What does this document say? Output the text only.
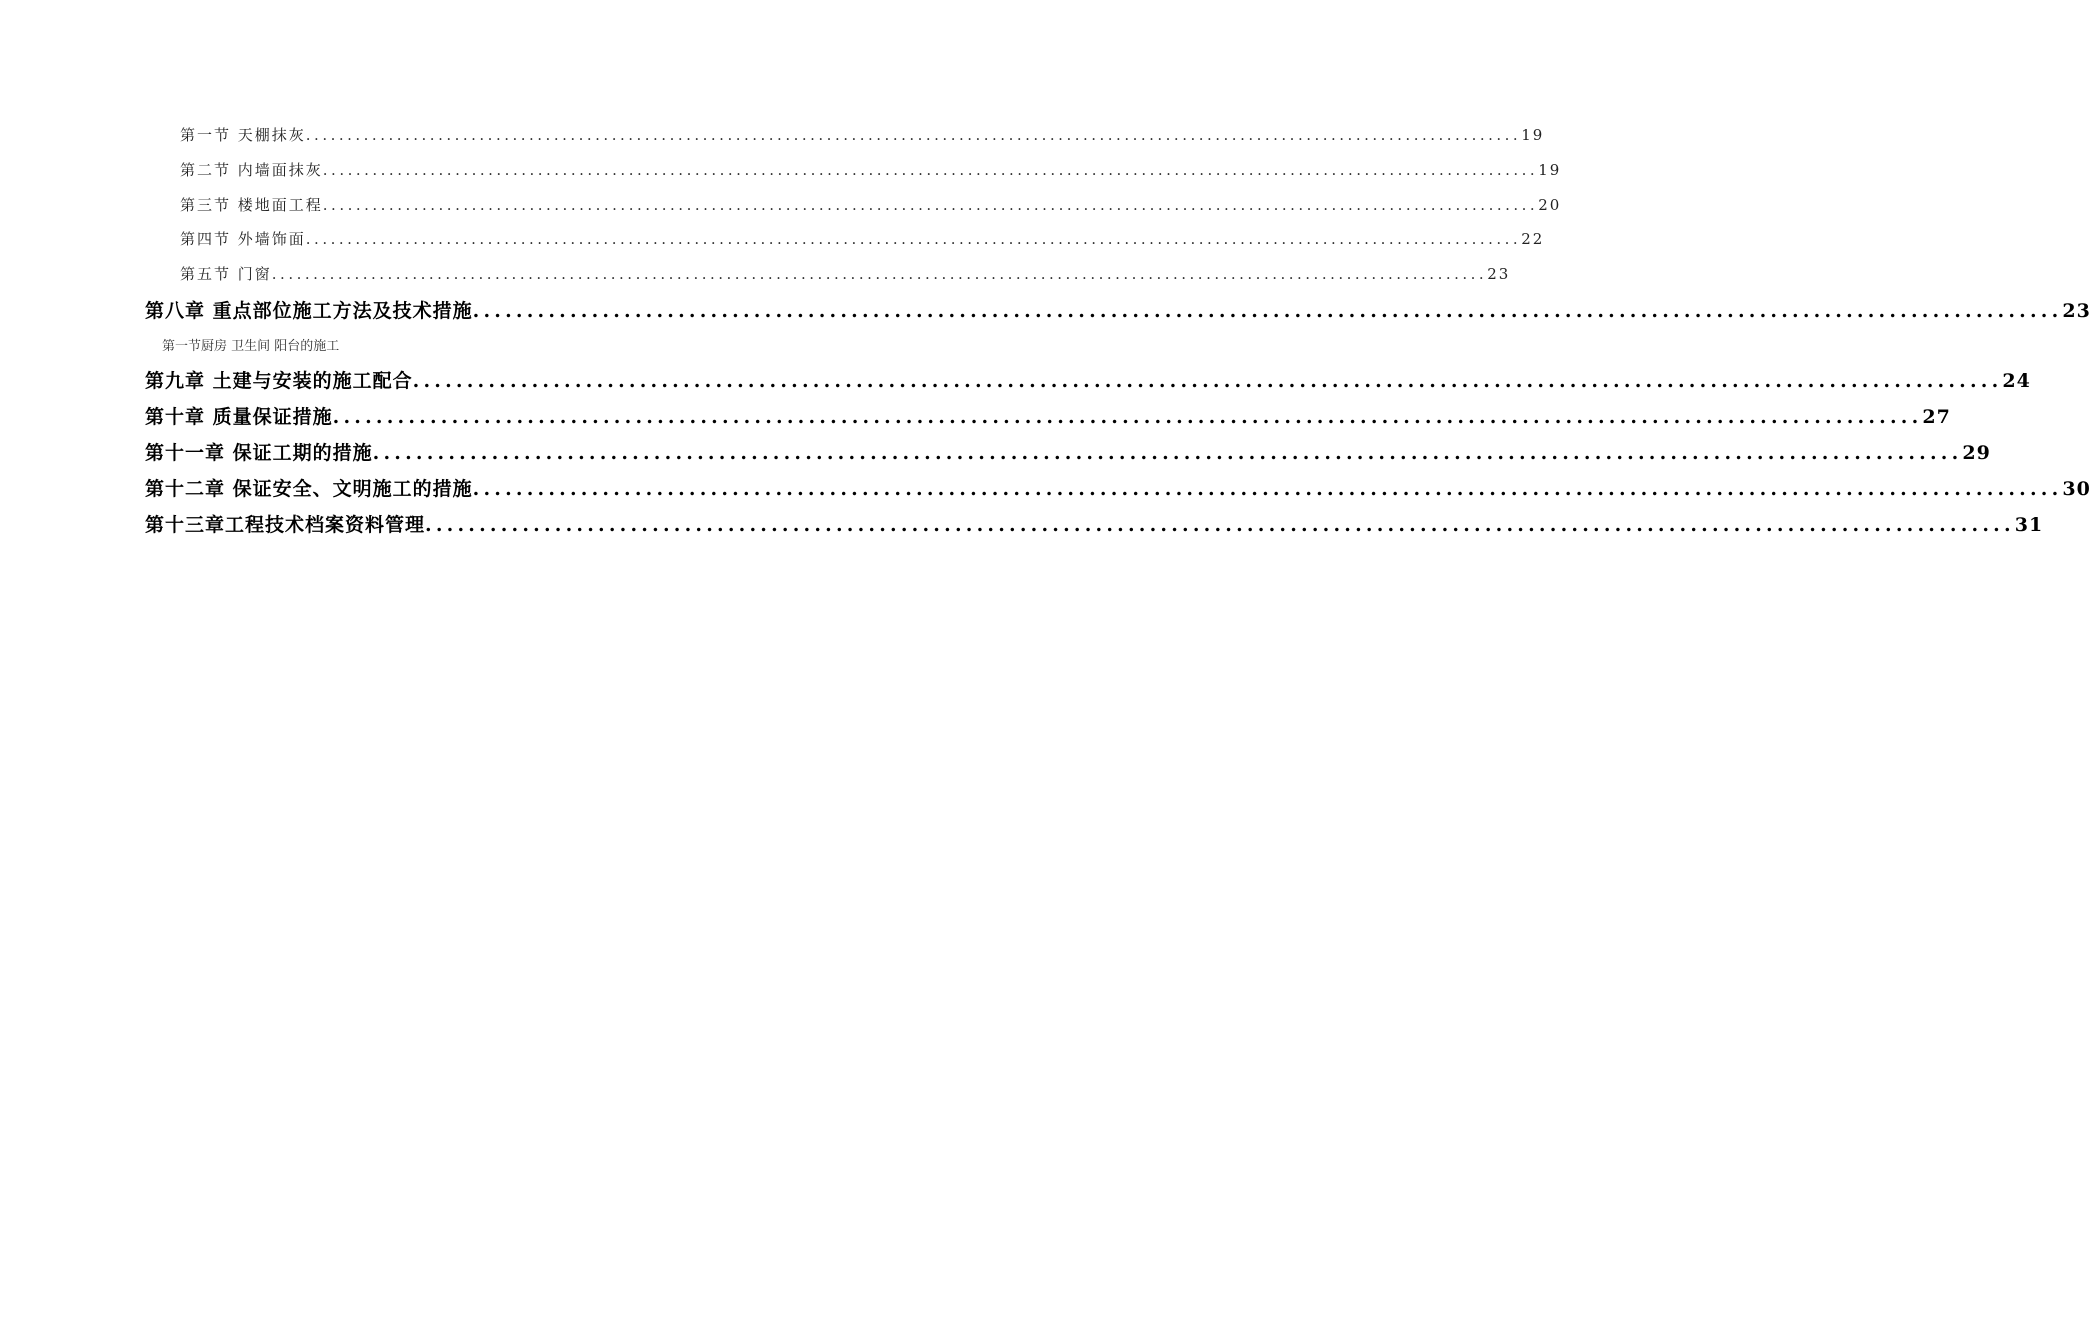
第一节 天棚抹灰 ................................................................................................................................................... 19
第二节 内墙面抹灰 ................................................................................................................................................... 19
第三节 楼地面工程 ................................................................................................................................................... 20
第四节 外墙饰面 ................................................................................................................................................... 22
第五节 门窗 ................................................................................................................................................... 23
第八章 重点部位施工方法及技术措施 ................................................................................................................................................... 23
第一节厨房 卫生间 阳台的施工
第九章 土建与安装的施工配合 ................................................................................................................................................... 24
第十章 质量保证措施 ................................................................................................................................................... 27
第十一章 保证工期的措施 ................................................................................................................................................... 29
第十二章 保证安全、文明施工的措施 ................................................................................................................................................... 30
第十三章工程技术档案资料管理 ................................................................................................................................................... 31
